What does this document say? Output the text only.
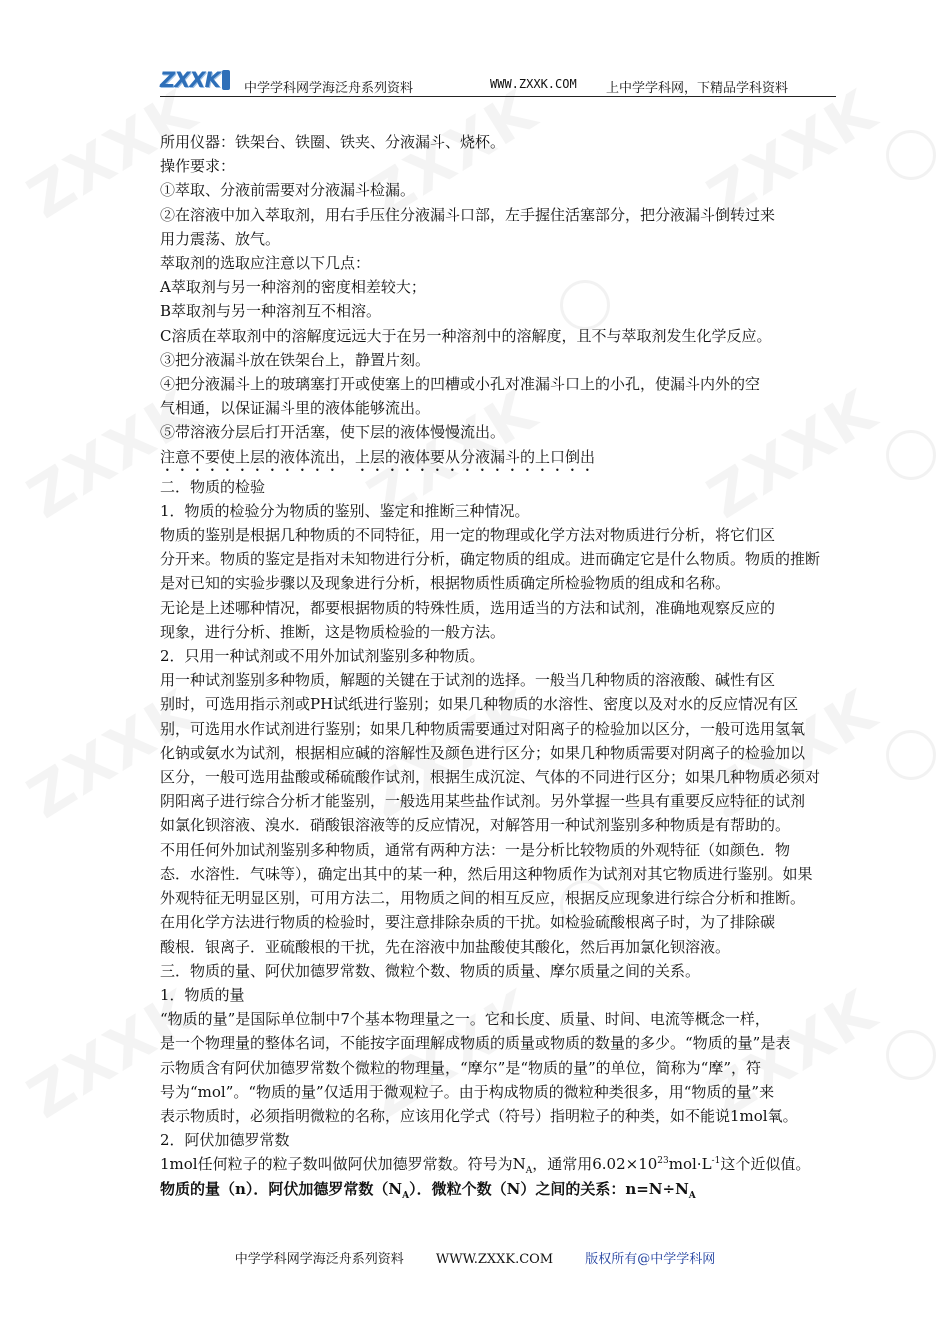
ZXXK 中学学科网学海泛舟系列资料	WWW.ZXXK.COM 上中学学科网，下精品学科资料

所用仪器：铁架台、铁圈、铁夹、分液漏斗、烧杯。

操作要求：

①萃取、分液前需要对分液漏斗检漏。

②在溶液中加入萃取剂，用右手压住分液漏斗口部，左手握住活塞部分，把分液漏斗倒转过来

用力震荡、放气。

萃取剂的选取应注意以下几点：

A萃取剂与另一种溶剂的密度相差较大；

B萃取剂与另一种溶剂互不相溶。

C溶质在萃取剂中的溶解度远远大于在另一种溶剂中的溶解度，且不与萃取剂发生化学反应。

③把分液漏斗放在铁架台上，静置片刻。

④把分液漏斗上的玻璃塞打开或使塞上的凹槽或小孔对准漏斗口上的小孔，使漏斗内外的空

气相通，以保证漏斗里的液体能够流出。

⑤带溶液分层后打开活塞，使下层的液体慢慢流出。

注意不要使上层的液体流出，上层的液体要从分液漏斗的上口倒出

二．物质的检验

1．物质的检验分为物质的鉴别、鉴定和推断三种情况。

物质的鉴别是根据几种物质的不同特征，用一定的物理或化学方法对物质进行分析，将它们区

分开来。物质的鉴定是指对未知物进行分析，确定物质的组成。进而确定它是什么物质。物质的推断

是对已知的实验步骤以及现象进行分析，根据物质性质确定所检验物质的组成和名称。

无论是上述哪种情况，都要根据物质的特殊性质，选用适当的方法和试剂，准确地观察反应的

现象，进行分析、推断，这是物质检验的一般方法。

2．只用一种试剂或不用外加试剂鉴别多种物质。

用一种试剂鉴别多种物质，解题的关键在于试剂的选择。一般当几种物质的溶液酸、碱性有区

别时，可选用指示剂或PH试纸进行鉴别；如果几种物质的水溶性、密度以及对水的反应情况有区

别，可选用水作试剂进行鉴别；如果几种物质需要通过对阳离子的检验加以区分，一般可选用氢氧

化钠或氨水为试剂，根据相应碱的溶解性及颜色进行区分；如果几种物质需要对阴离子的检验加以

区分，一般可选用盐酸或稀硫酸作试剂，根据生成沉淀、气体的不同进行区分；如果几种物质必须对

阴阳离子进行综合分析才能鉴别，一般选用某些盐作试剂。另外掌握一些具有重要反应特征的试剂

如氯化钡溶液、溴水．硝酸银溶液等的反应情况，对解答用一种试剂鉴别多种物质是有帮助的。

不用任何外加试剂鉴别多种物质，通常有两种方法：一是分析比较物质的外观特征（如颜色．物

态．水溶性．气味等），确定出其中的某一种，然后用这种物质作为试剂对其它物质进行鉴别。如果

外观特征无明显区别，可用方法二，用物质之间的相互反应，根据反应现象进行综合分析和推断。

在用化学方法进行物质的检验时，要注意排除杂质的干扰。如检验硫酸根离子时，为了排除碳

酸根．银离子．亚硫酸根的干扰，先在溶液中加盐酸使其酸化，然后再加氯化钡溶液。

三．物质的量、阿伏加德罗常数、微粒个数、物质的质量、摩尔质量之间的关系。

1．物质的量

“物质的量”是国际单位制中7个基本物理量之一。它和长度、质量、时间、电流等概念一样，

是一个物理量的整体名词，不能按字面理解成物质的质量或物质的数量的多少。“物质的量”是表

示物质含有阿伏加德罗常数个微粒的物理量，“摩尔”是“物质的量”的单位，简称为“摩”，符

号为“mol”。“物质的量”仅适用于微观粒子。由于构成物质的微粒种类很多，用“物质的量”来

表示物质时，必须指明微粒的名称，应该用化学式（符号）指明粒子的种类，如不能说1mol氧。

2．阿伏加德罗常数

1mol任何粒子的粒子数叫做阿伏加德罗常数。符号为$N_A$，通常用$6.02\times 10^{23}mol\cdot L^{-1}$这个近似值。

物质的量（n）．阿伏加德罗常数$(N_A)$．微粒个数（N）之间的关系：$n=N\div N_A$

中学学科网学海泛舟系列资料 WWW.ZXXK.COM 版权所有@中学学科网
